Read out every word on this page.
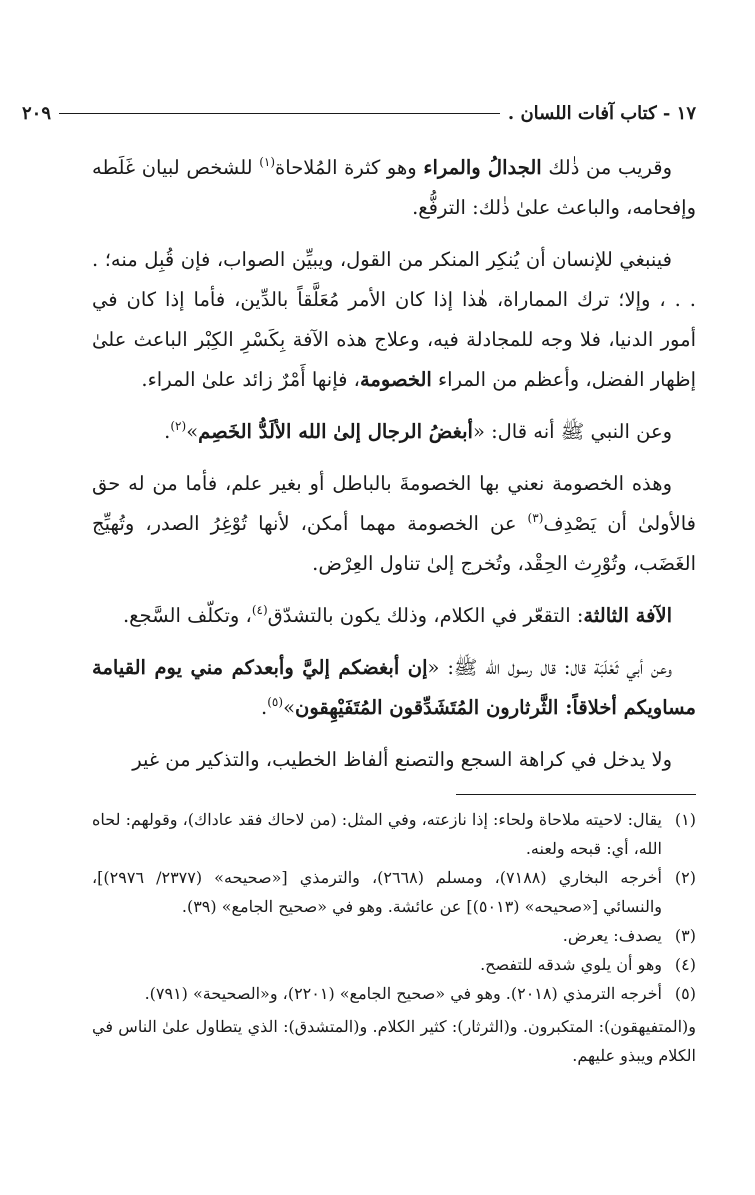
١٧ - كتاب آفات اللسان .
٢٠٩

وقريب من ذٰلك الجدالُ والمراء وهو كثرة المُلاحاة$^{(١)}$ للشخص لبيان غَلَطه وإفحامه، والباعث علىٰ ذٰلك: الترفُّع.

فينبغي للإنسان أن يُنكِر المنكر من القول، ويبيِّن الصواب، فإن قُبِل منه؛ . . . ، وإلا؛ ترك المماراة، هٰذا إذا كان الأمر مُعَلَّقاً بالدِّين، فأما إذا كان في أمور الدنيا، فلا وجه للمجادلة فيه، وعلاج هذه الآفة بِكَسْرِ الكِبْر الباعث علىٰ إظهار الفضل، وأعظم من المراء الخصومة، فإنها أَمْرٌ زائد علىٰ المراء.

وعن النبي ﷺ أنه قال: «أبغضُ الرجال إلىٰ الله الألَدُّ الخَصِم»$^{(٢)}$.

وهذه الخصومة نعني بها الخصومةَ بالباطل أو بغير علم، فأما من له حق فالأولىٰ أن يَصْدِف$^{(٣)}$ عن الخصومة مهما أمكن، لأنها تُوْغِرُ الصدر، وتُهيِّج الغَضَب، وتُوْرِث الحِقْد، وتُخرج إلىٰ تناول العِرْض.

الآفة الثالثة: التقعّر في الكلام، وذلك يكون بالتشدّق$^{(٤)}$، وتكلّف السَّجع.

وعن أبي ثَعْلَبَة قال: قال رسول الله ﷺ: «إن أبغضكم إليَّ وأبعدكم مني يوم القيامة مساويكم أخلاقاً: الثَّرثارون المُتَشَدِّقون المُتَفَيْهِقون»$^{(٥)}$.

ولا يدخل في كراهة السجع والتصنع ألفاظ الخطيب، والتذكير من غير

(١)
يقال: لاحيته ملاحاة ولحاء: إذا نازعته، وفي المثل: (من لاحاك فقد عاداك)، وقولهم: لحاه الله، أي: قبحه ولعنه.
(٢)
أخرجه البخاري (٧١٨٨)، ومسلم (٢٦٦٨)، والترمذي [«صحيحه» (٢٣٧٧/ ٢٩٧٦)]، والنسائي [«صحيحه» (٥٠١٣)] عن عائشة. وهو في «صحيح الجامع» (٣٩).
(٣)
يصدف: يعرض.
(٤)
وهو أن يلوي شدقه للتفصح.
(٥)
أخرجه الترمذي (٢٠١٨). وهو في «صحيح الجامع» (٢٢٠١)، و«الصحيحة» (٧٩١).
و(المتفيهقون): المتكبرون. و(الثرثار): كثير الكلام. و(المتشدق): الذي يتطاول علىٰ الناس في الكلام ويبذو عليهم.
